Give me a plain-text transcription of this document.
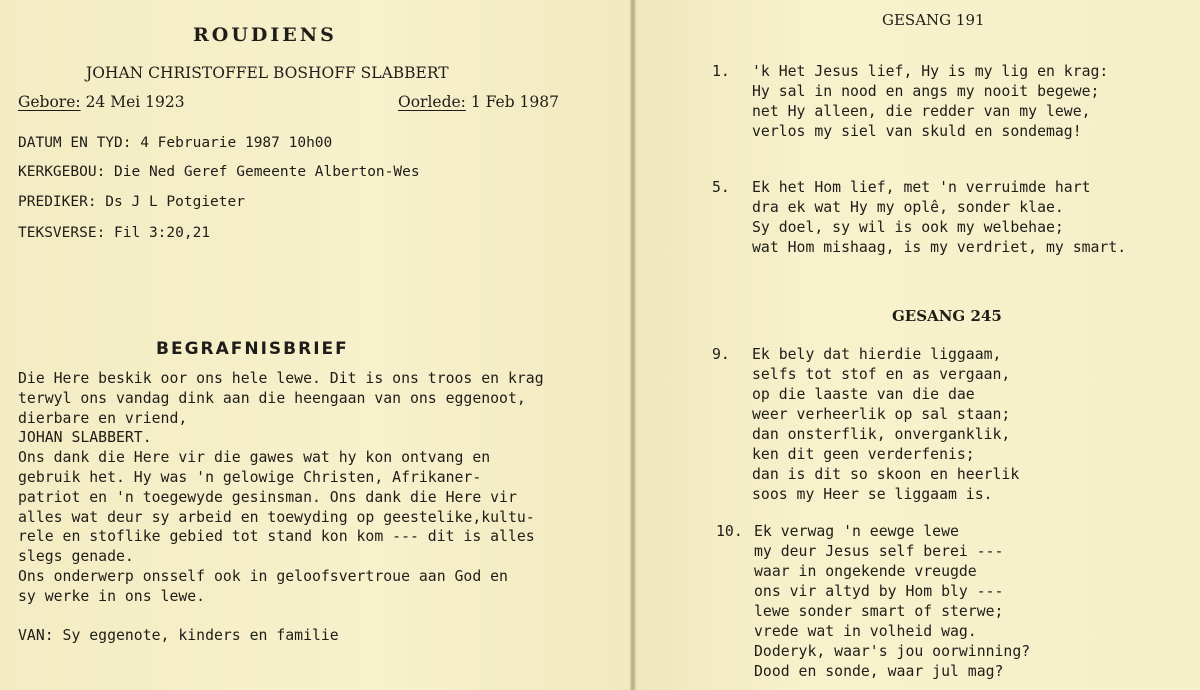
ROUDIENS
JOHAN CHRISTOFFEL BOSHOFF SLABBERT
Gebore: 24 Mei 1923	Oorlede: 1 Feb 1987
DATUM EN TYD: 4 Februarie 1987 10h00
KERKGEBOU: Die Ned Geref Gemeente Alberton-Wes
PREDIKER: Ds J L Potgieter
TEKSVERSE: Fil 3:20,21
BEGRAFNISBRIEF
Die Here beskik oor ons hele lewe. Dit is ons troos en krag
terwyl ons vandag dink aan die heengaan van ons eggenoot,
dierbare en vriend,
JOHAN SLABBERT.
Ons dank die Here vir die gawes wat hy kon ontvang en
gebruik het. Hy was 'n gelowige Christen, Afrikaner-
patriot en 'n toegewyde gesinsman. Ons dank die Here vir
alles wat deur sy arbeid en toewyding op geestelike,kultu-
rele en stoflike gebied tot stand kon kom --- dit is alles
slegs genade.
Ons onderwerp onsself ook in geloofsvertroue aan God en
sy werke in ons lewe.
VAN: Sy eggenote, kinders en familie
GESANG 191
1. 'k Het Jesus lief, Hy is my lig en krag:
Hy sal in nood en angs my nooit begewe;
net Hy alleen, die redder van my lewe,
verlos my siel van skuld en sondemag!
5. Ek het Hom lief, met 'n verruimde hart
dra ek wat Hy my oplê, sonder klae.
Sy doel, sy wil is ook my welbehae;
wat Hom mishaag, is my verdriet, my smart.
GESANG 245
9. Ek bely dat hierdie liggaam,
selfs tot stof en as vergaan,
op die laaste van die dae
weer verheerlik op sal staan;
dan onsterflik, onverganklik,
ken dit geen verderfenis;
dan is dit so skoon en heerlik
soos my Heer se liggaam is.
10. Ek verwag 'n eewge lewe
my deur Jesus self berei ---
waar in ongekende vreugde
ons vir altyd by Hom bly ---
lewe sonder smart of sterwe;
vrede wat in volheid wag.
Doderyk, waar's jou oorwinning?
Dood en sonde, waar jul mag?
